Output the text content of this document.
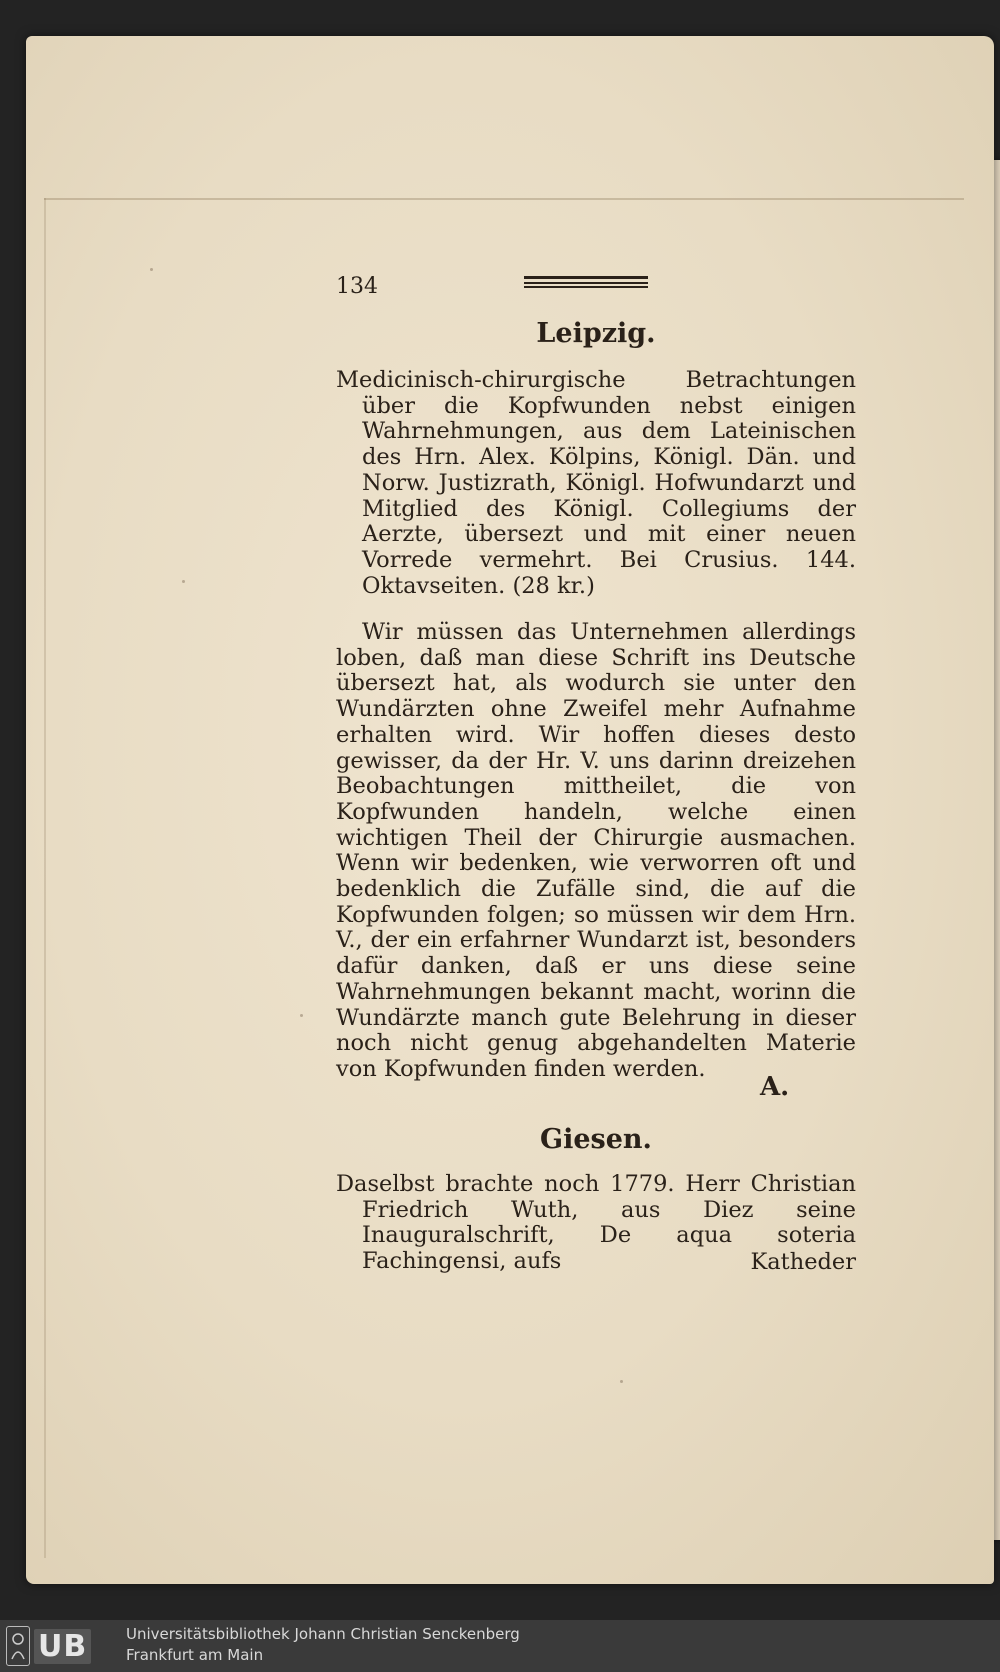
134
Leipzig.
Medicinisch-chirurgische Betrachtungen über die Kopfwunden nebst einigen Wahrnehmungen, aus dem Lateinischen des Hrn. Alex. Kölpins, Königl. Dän. und Norw. Justizrath, Königl. Hofwundarzt und Mitglied des Königl. Collegiums der Aerzte, übersezt und mit einer neuen Vorrede vermehrt. Bei Crusius. 144. Oktavseiten. (28 kr.)
Wir müssen das Unternehmen allerdings loben, daß man diese Schrift ins Deutsche übersezt hat, als wodurch sie unter den Wundärzten ohne Zweifel mehr Aufnahme erhalten wird. Wir hoffen dieses desto gewisser, da der Hr. V. uns darinn dreizehen Beobachtungen mittheilet, die von Kopfwunden handeln, welche einen wichtigen Theil der Chirurgie ausmachen. Wenn wir bedenken, wie verworren oft und bedenklich die Zufälle sind, die auf die Kopfwunden folgen; so müssen wir dem Hrn. V., der ein erfahrner Wundarzt ist, besonders dafür danken, daß er uns diese seine Wahrnehmungen bekannt macht, worinn die Wundärzte manch gute Belehrung in dieser noch nicht genug abgehandelten Materie von Kopfwunden finden werden.
A.
Giesen.
Daselbst brachte noch 1779. Herr Christian Friedrich Wuth, aus Diez seine Inauguralschrift, De aqua soteria Fachingensi, aufs	Katheder
UB	Universitätsbibliothek Johann Christian Senckenberg
Frankfurt am Main
